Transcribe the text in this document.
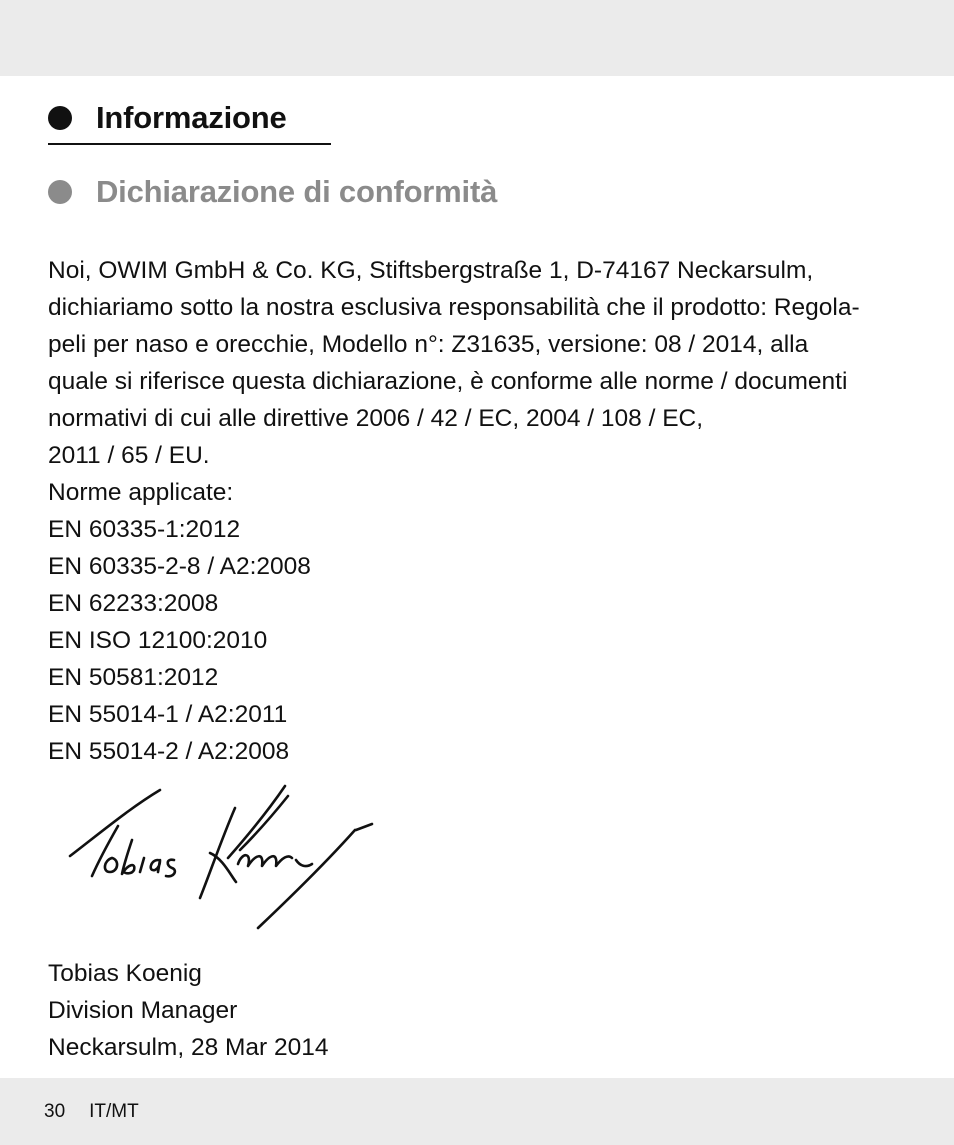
Informazione
Dichiarazione di conformità
Noi, OWIM GmbH & Co. KG, Stiftsbergstraße 1, D-74167 Neckarsulm,
dichiariamo sotto la nostra esclusiva responsabilità che il prodotto: Regola-
peli per naso e orecchie, Modello n°: Z31635, versione: 08 / 2014, alla
quale si riferisce questa dichiarazione, è conforme alle norme / documenti
normativi di cui alle direttive 2006 / 42 / EC, 2004 / 108 / EC,
2011 / 65 / EU.
Norme applicate:
EN 60335-1:2012
EN 60335-2-8 / A2:2008
EN 62233:2008
EN ISO 12100:2010
EN 50581:2012
EN 55014-1 / A2:2011
EN 55014-2 / A2:2008
Tobias Koenig
Division Manager
Neckarsulm, 28 Mar 2014
30 IT/MT
